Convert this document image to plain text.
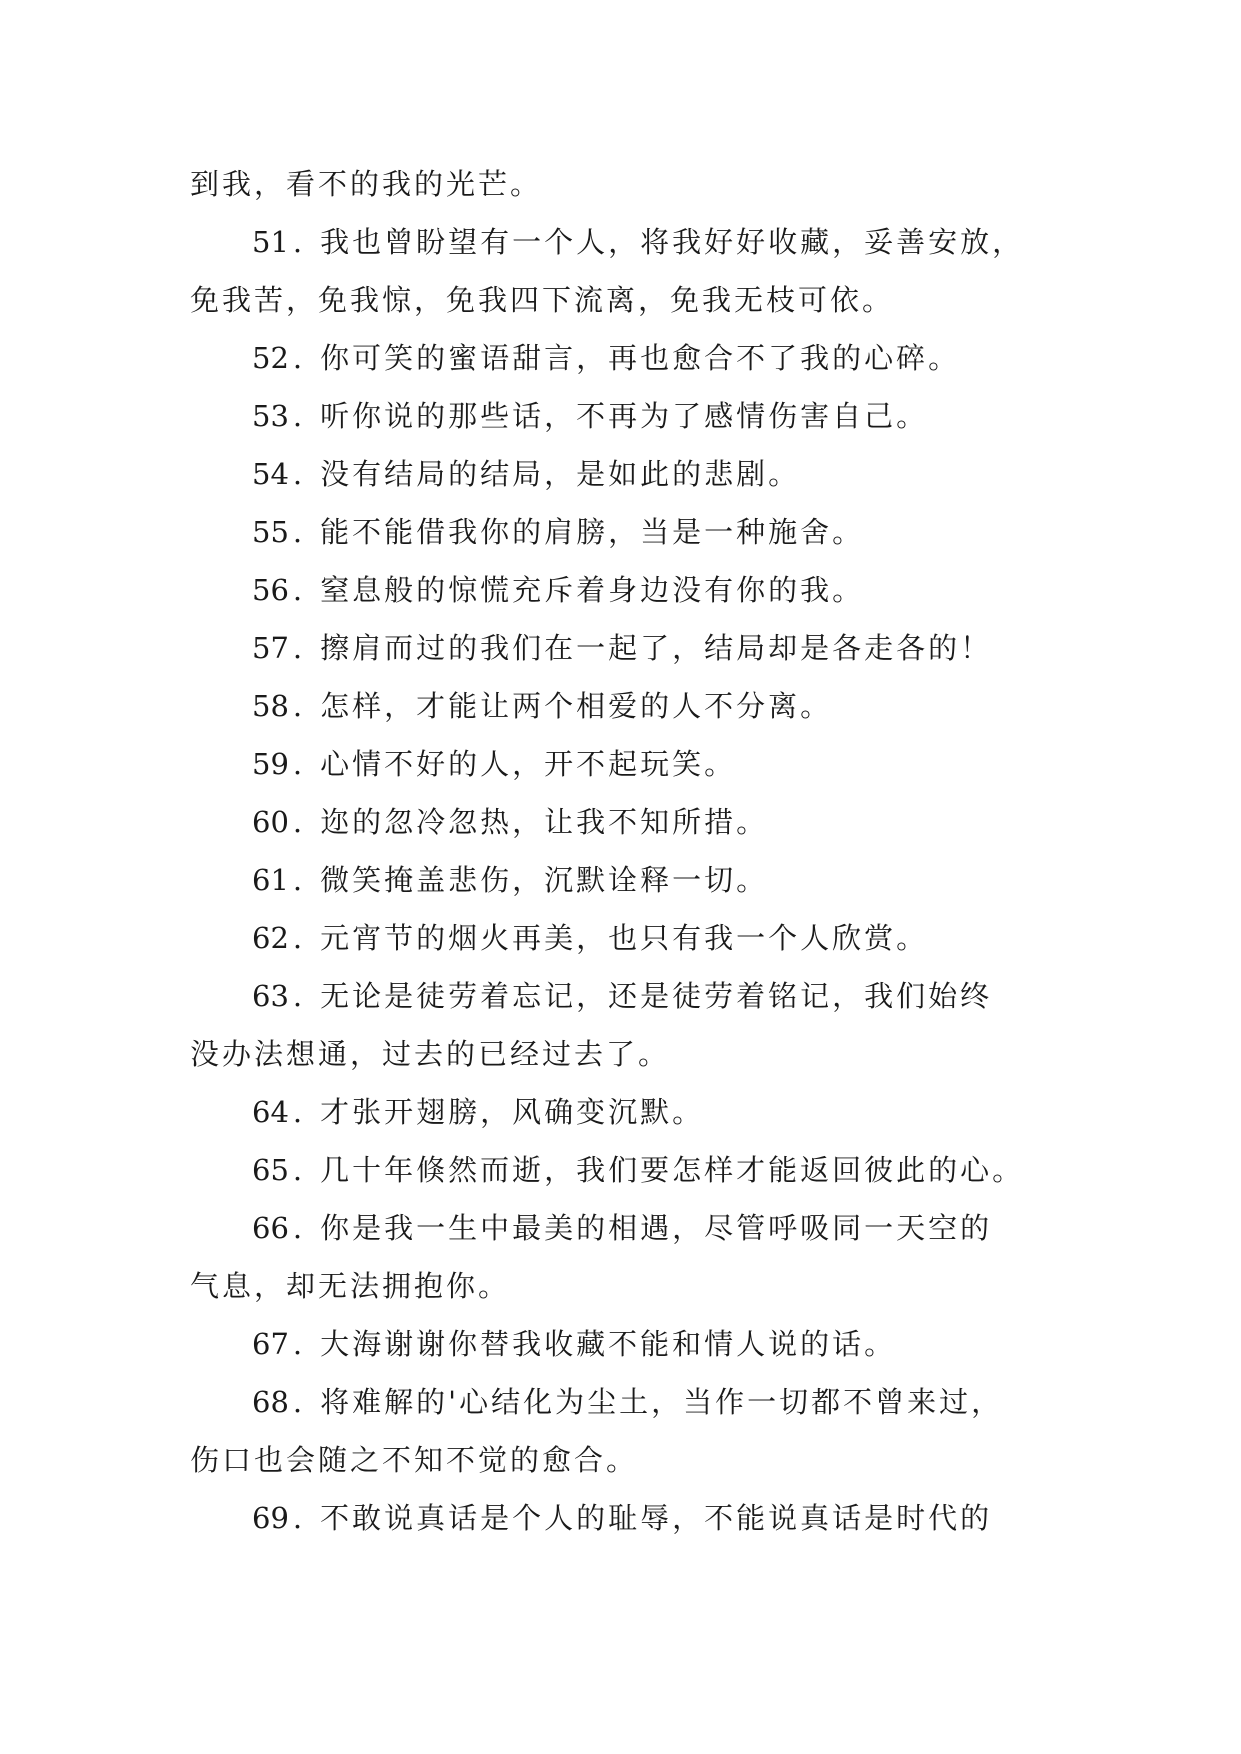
到我，看不的我的光芒。

51 . 我也曾盼望有一个人，将我好好收藏，妥善安放，
免我苦，免我惊，免我四下流离，免我无枝可依。

52 . 你可笑的蜜语甜言，再也愈合不了我的心碎。

53 . 听你说的那些话，不再为了感情伤害自己。

54 . 没有结局的结局，是如此的悲剧。

55 . 能不能借我你的肩膀，当是一种施舍。

56 . 窒息般的惊慌充斥着身边没有你的我。

57 . 擦肩而过的我们在一起了，结局却是各走各的！

58 . 怎样，才能让两个相爱的人不分离。

59 . 心情不好的人，开不起玩笑。

60 . 迩的忽冷忽热，让我不知所措。

61 . 微笑掩盖悲伤，沉默诠释一切。

62 . 元宵节的烟火再美，也只有我一个人欣赏。

63 . 无论是徒劳着忘记，还是徒劳着铭记，我们始终
没办法想通，过去的已经过去了。

64 . 才张开翅膀，风确变沉默。

65 . 几十年倏然而逝，我们要怎样才能返回彼此的心。

66 . 你是我一生中最美的相遇，尽管呼吸同一天空的
气息，却无法拥抱你。

67 . 大海谢谢你替我收藏不能和情人说的话。

68 . 将难解的'心结化为尘土，当作一切都不曾来过，
伤口也会随之不知不觉的愈合。

69 . 不敢说真话是个人的耻辱，不能说真话是时代的
